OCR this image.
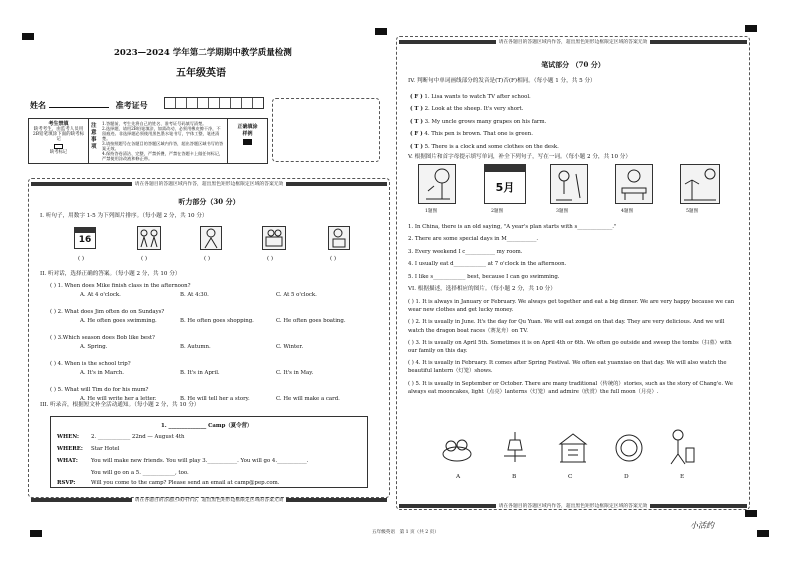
2023—2024 学年第二学期期中教学质量检测
五年级英语
姓名	准考证号
考生禁填
缺考考生，由监考人员用2B铅笔填涂下面的缺考标记
缺考标记
注意事项
1.答题前，考生先将自己的姓名、准考证号码填写清楚。
2.选择题，请用2B铅笔填涂，如需改动，必须用橡皮擦干净，不留痕迹。非选择题必须使用黑色墨水笔书写，字体工整，笔迹清楚。
3.请按照题号在各题目的答题区域内作答，超出答题区域书写的答案无效。
4.保持答卷清洁、完整，严禁折叠，严禁在答题卡上做任何标记，严禁使用涂改液和修正带。
正确填涂
样例
请在各题目的答题区域内作答，超出黑色矩形边框限定区域的答案无效
听力部分（30 分）
I. 听句子，用数字 1-5 为下列图片排序。（每小题 2 分，共 10 分）
16
( )	( )	( )	( )	( )
II. 听对话，选择正确的答案。（每小题 2 分，共 10 分）
( ) 1. When does Mike finish class in the afternoon?
A. At 4 o'clock.	B. At 4:30.	C. At 5 o'clock.
( ) 2. What does Jim often do on Sundays?
A. He often goes swimming.	B. He often goes shopping.	C. He often goes boating.
( ) 3.Which season does Bob like best?
A. Spring.	B. Autumn.	C. Winter.
( ) 4. When is the school trip?
A. It's in March.	B. It's in April.	C. It's in May.
( ) 5. What will Tim do for his mum?
A. He will write her a letter.	B. He will tell her a story.	C. He will make a card.
III. 听录音，根据短文补全活动通知。（每小题 2 分，共 10 分）
1. ______________ Camp（夏令营）
WHEN: 2. ____________ 22nd — August 4th
WHERE: Star Hotel
WHAT: You will make new friends. You will play 3.___________. You will go 4.___________.
You will go on a 5. ____________, too.
RSVP:	Will you come to the camp? Please send an email at camp@pep.com.
请在各题目的答题区域内作答，超出黑色矩形边框限定区域的答案无效
请在各题目的答题区域内作答，超出黑色矩形边框限定区域的答案无效
笔试部分 （70 分）
IV. 判断句中单词画线部分的发音是(T)否(F)相同。（每小题 1 分，共 5 分）
( F ) 1. Lisa wants to watch TV after school.
( T ) 2. Look at the sheep. It's very short.
( T ) 3. My uncle grows many grapes on his farm.
( F ) 4. This pen is brown. That one is green.
( T ) 5. There is a clock and some clothes on the desk.
V. 根据图片和首字母提示填写单词，补全下列句子，写在一词。（每小题 2 分，共 10 分）
5月
1题图	2题图	3题图	4题图	5题图
1. In China, there is an old saying, "A year's plan starts with s_____________."
2. There are some special days in M___________.
3. Every weekend I c___________ my room.
4. I usually eat d____________ at 7 o'clock in the afternoon.
5. I like s____________ best, because I can go swimming.
VI. 根据描述，选择相应的图片。（每小题 2 分，共 10 分）
( ) 1. It is always in January or February. We always get together and eat a big dinner. We are very happy because we can wear new clothes and get lucky money.
( ) 2. It is usually in June. It's the day for Qu Yuan. We will eat zongzi on that day. They are very delicious. And we will watch the dragon boat races（赛龙舟）on TV.
( ) 3. It is usually on April 5th. Sometimes it is on April 4th or 6th. We often go outside and sweep the tombs（扫墓）with our family on this day.
( ) 4. It is usually in February. It comes after Spring Festival. We often eat yuanxiao on that day. We will also watch the beautiful lantern（灯笼）shows.
( ) 5. It is usually in September or October. There are many traditional（传统的）stories, such as the story of Chang'e. We always eat mooncakes, light（点亮）lanterns（灯笼）and admire（欣赏）the full moon（月亮）.
A	B	C	D	E
请在各题目的答题区域内作答，超出黑色矩形边框限定区域的答案无效
五年级英语　第 1 页（共 2 页）
小活约
